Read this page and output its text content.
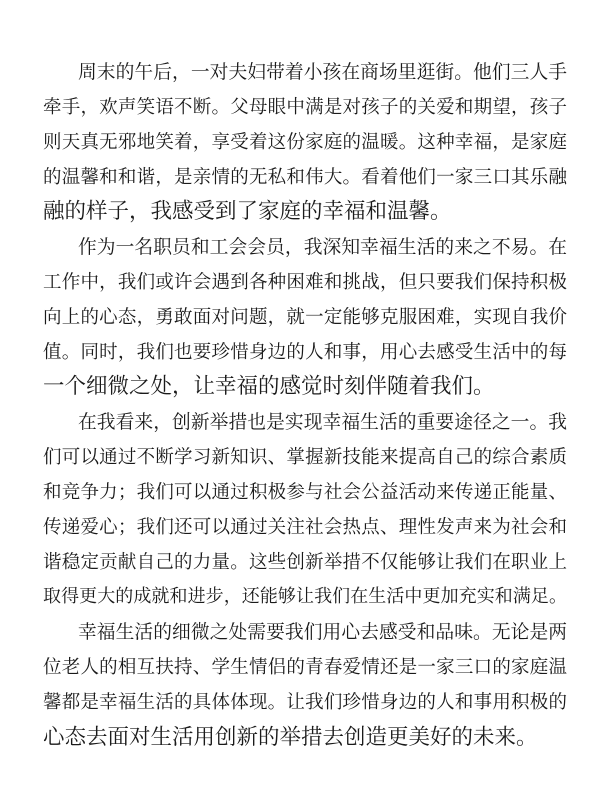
周末的午后，一对夫妇带着小孩在商场里逛街。他们三人手
牵手，欢声笑语不断。父母眼中满是对孩子的关爱和期望，孩子
则天真无邪地笑着，享受着这份家庭的温暖。这种幸福，是家庭
的温馨和和谐，是亲情的无私和伟大。看着他们一家三口其乐融
融的样子，我感受到了家庭的幸福和温馨。
作为一名职员和工会会员，我深知幸福生活的来之不易。在
工作中，我们或许会遇到各种困难和挑战，但只要我们保持积极
向上的心态，勇敢面对问题，就一定能够克服困难，实现自我价
值。同时，我们也要珍惜身边的人和事，用心去感受生活中的每
一个细微之处，让幸福的感觉时刻伴随着我们。
在我看来，创新举措也是实现幸福生活的重要途径之一。我
们可以通过不断学习新知识、掌握新技能来提高自己的综合素质
和竞争力；我们可以通过积极参与社会公益活动来传递正能量、
传递爱心；我们还可以通过关注社会热点、理性发声来为社会和
谐稳定贡献自己的力量。这些创新举措不仅能够让我们在职业上
取得更大的成就和进步，还能够让我们在生活中更加充实和满足。
幸福生活的细微之处需要我们用心去感受和品味。无论是两
位老人的相互扶持、学生情侣的青春爱情还是一家三口的家庭温
馨都是幸福生活的具体体现。让我们珍惜身边的人和事用积极的
心态去面对生活用创新的举措去创造更美好的未来。
